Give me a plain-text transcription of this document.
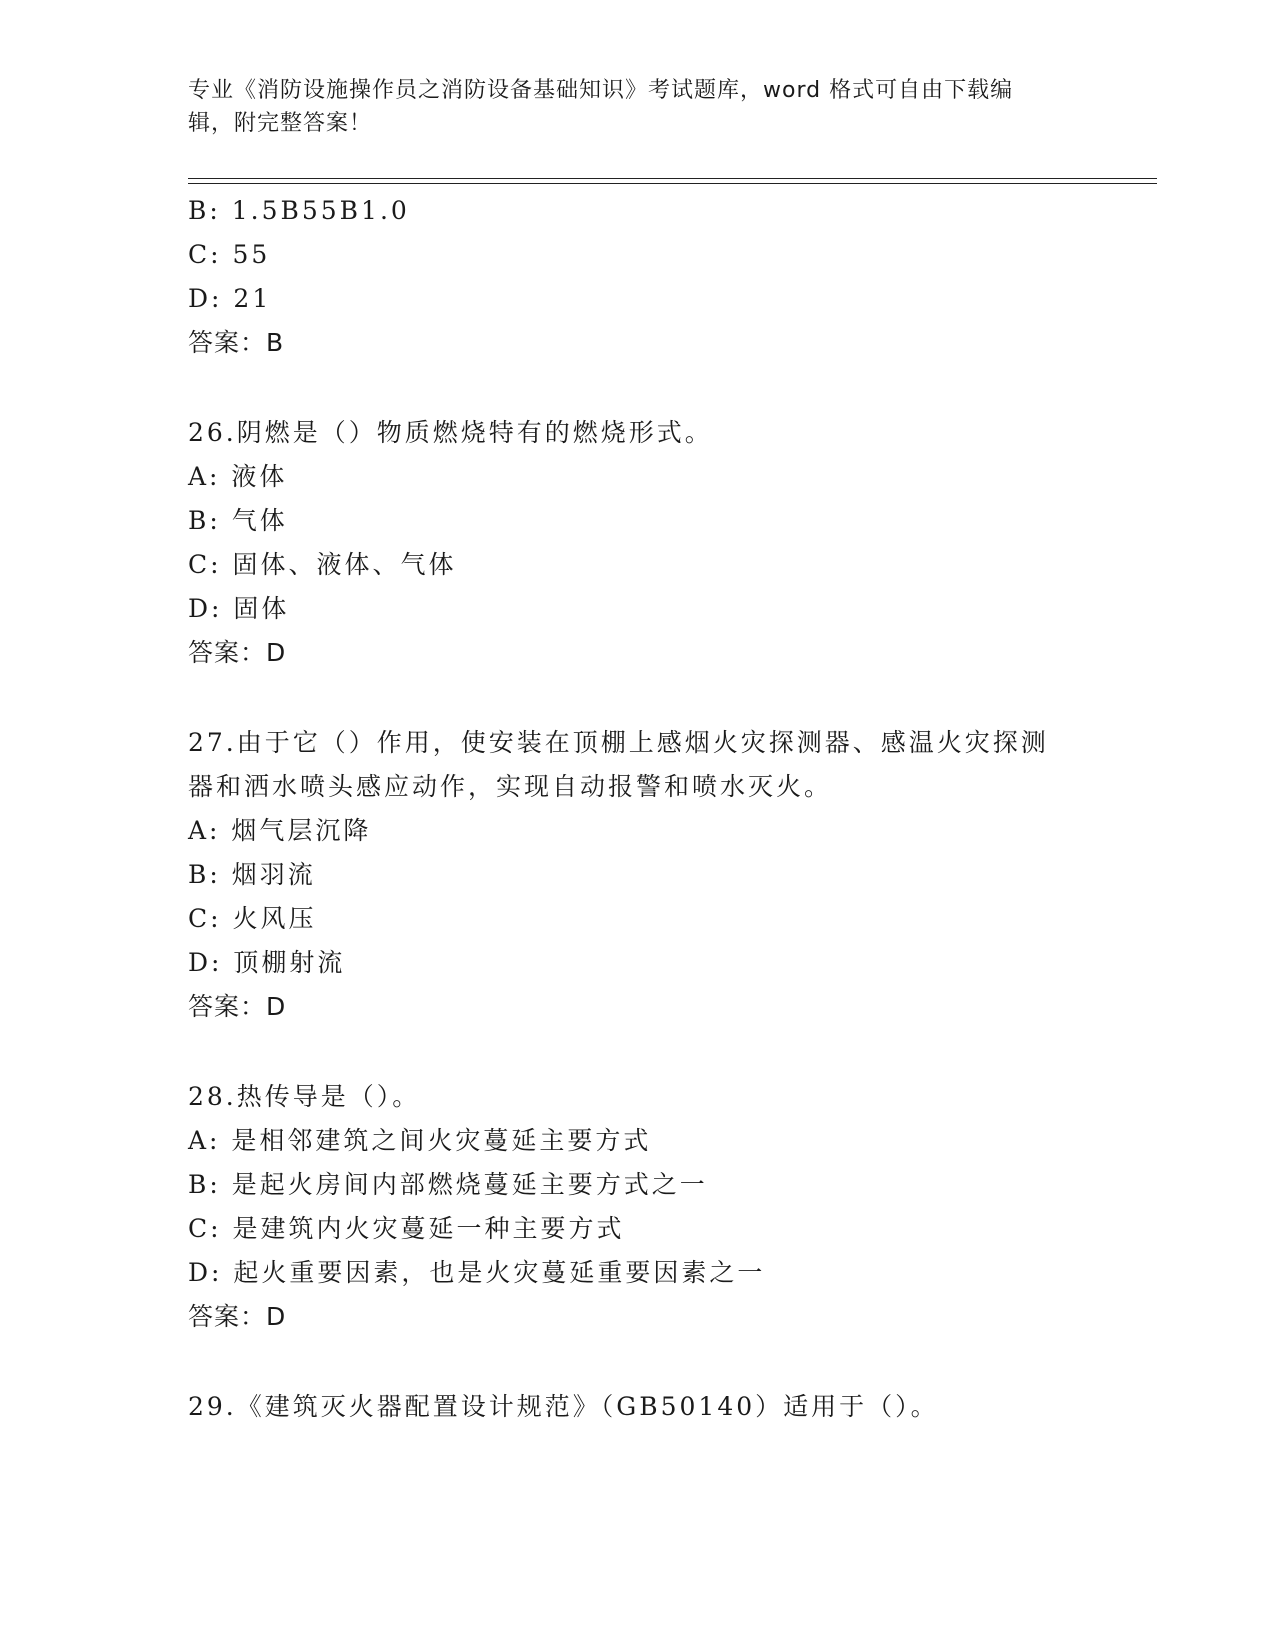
专业《消防设施操作员之消防设备基础知识》考试题库，word 格式可自由下载编
辑，附完整答案！
B: 1.5B55B1.0
C: 55
D: 21
答案：B
26.阴燃是（）物质燃烧特有的燃烧形式。
A: 液体
B: 气体
C: 固体、液体、气体
D: 固体
答案：D
27.由于它（）作用，使安装在顶棚上感烟火灾探测器、感温火灾探测
器和洒水喷头感应动作，实现自动报警和喷水灭火。
A: 烟气层沉降
B: 烟羽流
C: 火风压
D: 顶棚射流
答案：D
28.热传导是（）。
A: 是相邻建筑之间火灾蔓延主要方式
B: 是起火房间内部燃烧蔓延主要方式之一
C: 是建筑内火灾蔓延一种主要方式
D: 起火重要因素，也是火灾蔓延重要因素之一
答案：D
29.《建筑灭火器配置设计规范》（GB50140）适用于（）。
